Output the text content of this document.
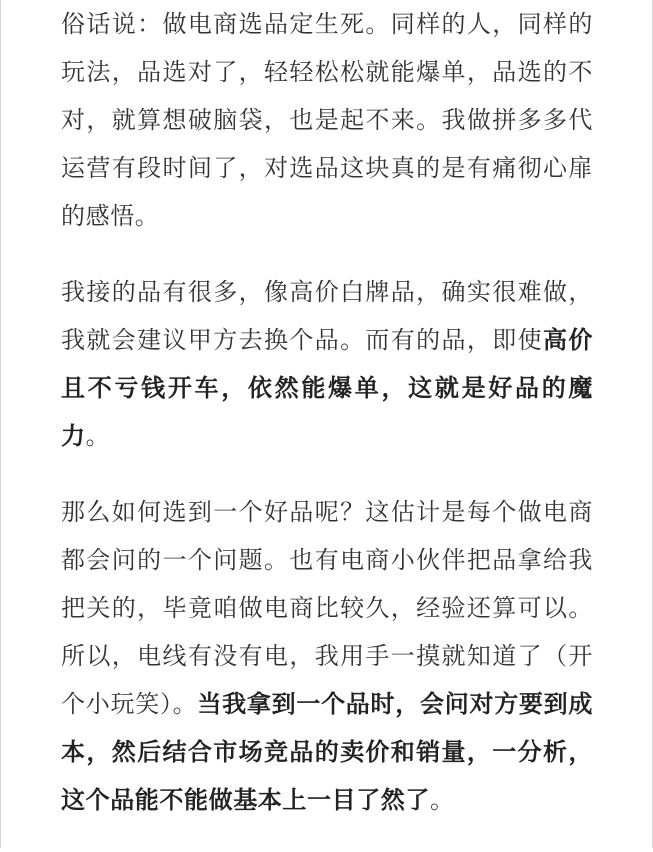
俗话说：做电商选品定生死。同样的人，同样的玩法，品选对了，轻轻松松就能爆单，品选的不对，就算想破脑袋，也是起不来。我做拼多多代运营有段时间了，对选品这块真的是有痛彻心扉的感悟。

我接的品有很多，像高价白牌品，确实很难做，我就会建议甲方去换个品。而有的品，即使高价且不亏钱开车，依然能爆单，这就是好品的魔力。

那么如何选到一个好品呢？这估计是每个做电商都会问的一个问题。也有电商小伙伴把品拿给我把关的，毕竟咱做电商比较久，经验还算可以。所以，电线有没有电，我用手一摸就知道了（开个小玩笑）。当我拿到一个品时，会问对方要到成本，然后结合市场竞品的卖价和销量，一分析，这个品能不能做基本上一目了然了。
